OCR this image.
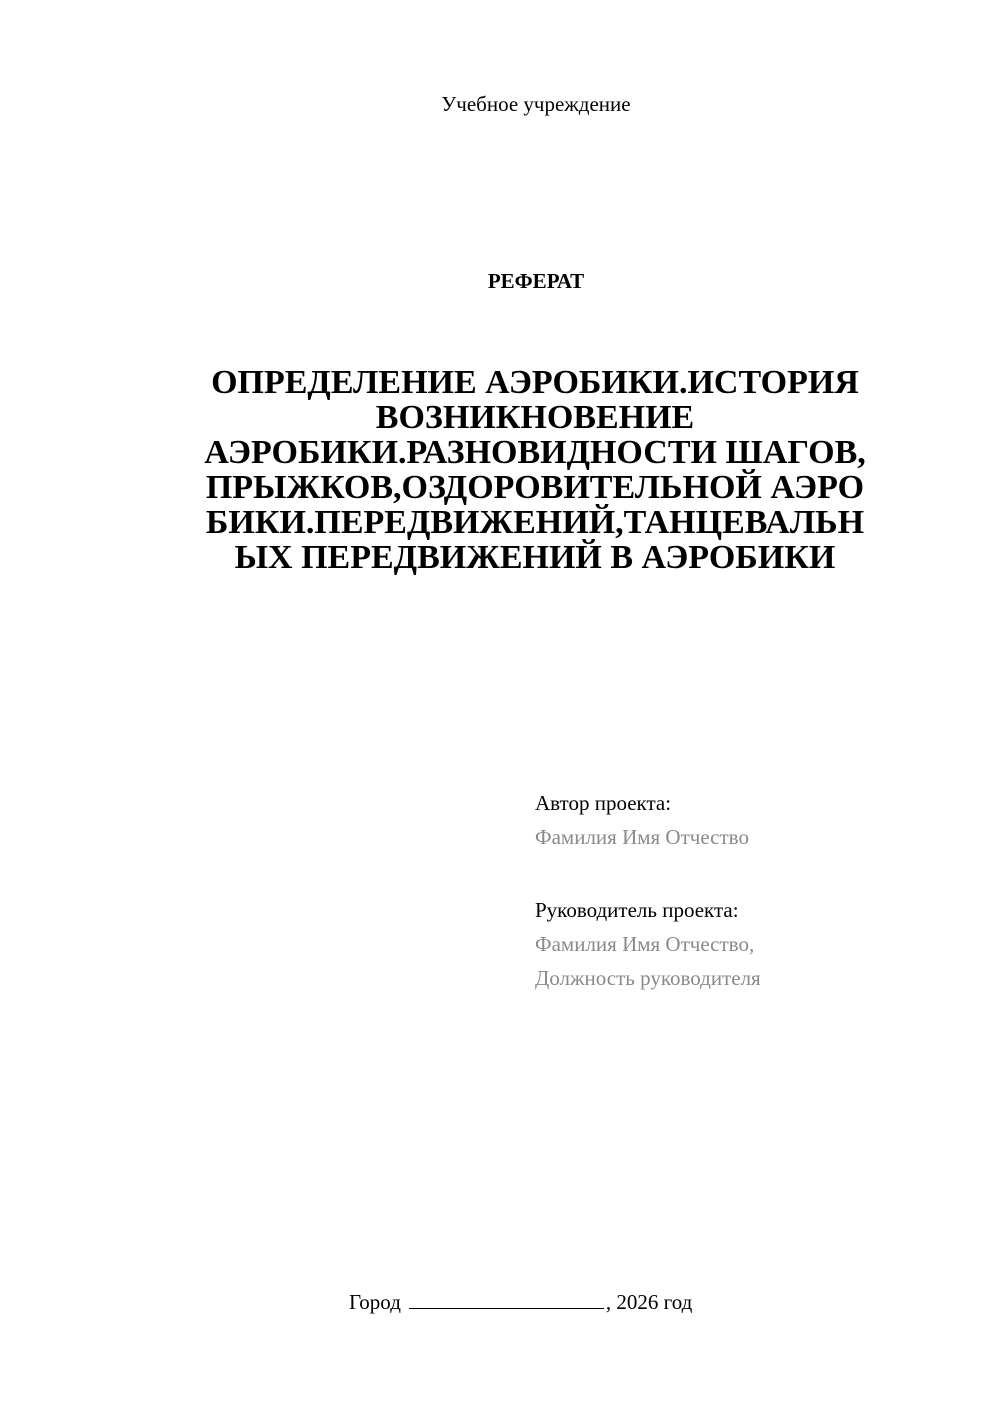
Учебное учреждение
РЕФЕРАТ
ОПРЕДЕЛЕНИЕ АЭРОБИКИ.ИСТОРИЯ
ВОЗНИКНОВЕНИЕ
АЭРОБИКИ.РАЗНОВИДНОСТИ ШАГОВ,
ПРЫЖКОВ,ОЗДОРОВИТЕЛЬНОЙ АЭРО
БИКИ.ПЕРЕДВИЖЕНИЙ,ТАНЦЕВАЛЬН
ЫХ ПЕРЕДВИЖЕНИЙ В АЭРОБИКИ
Автор проекта:
Фамилия Имя Отчество
Руководитель проекта:
Фамилия Имя Отчество,
Должность руководителя
Город	, 2026 год
